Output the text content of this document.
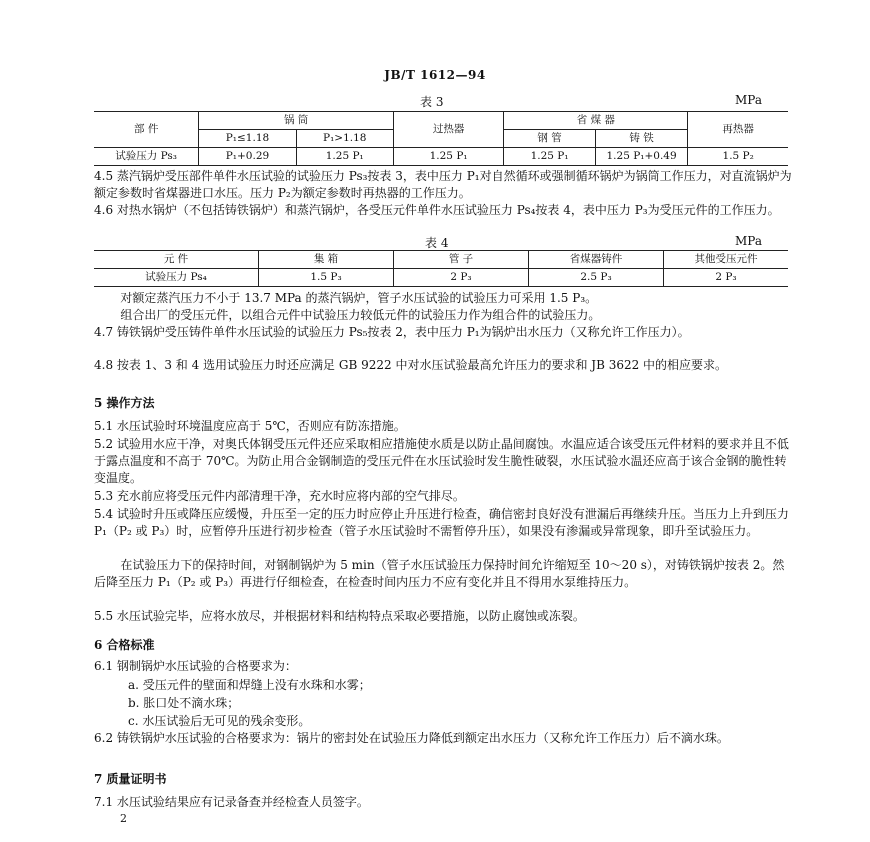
JB/T 1612—94
表 3	MPa
部 件	锅 筒		过热器	省 煤 器		再热器
	P₁≤1.18	P₁>1.18		钢 管	铸 铁	
试验压力 Ps₃	P₁+0.29	1.25 P₁	1.25 P₁	1.25 P₁	1.25 P₁+0.49	1.5 P₂
4.5 蒸汽锅炉受压部件单件水压试验的试验压力 Ps₃按表 3，表中压力 P₁对自然循环或强制循环锅炉为锅筒工作压力，对直流锅炉为额定参数时省煤器进口水压。压力 P₂为额定参数时再热器的工作压力。
4.6 对热水锅炉（不包括铸铁锅炉）和蒸汽锅炉，各受压元件单件水压试验压力 Ps₄按表 4，表中压力 P₃为受压元件的工作压力。
表 4	MPa
元 件	集 箱	管 子	省煤器铸件	其他受压元件
试验压力 Ps₄	1.5 P₃	2 P₃	2.5 P₃	2 P₃
对额定蒸汽压力不小于 13.7 MPa 的蒸汽锅炉，管子水压试验的试验压力可采用 1.5 P₃。
组合出厂的受压元件，以组合元件中试验压力较低元件的试验压力作为组合件的试验压力。
4.7 铸铁锅炉受压铸件单件水压试验的试验压力 Ps₅按表 2，表中压力 P₁为锅炉出水压力（又称允许工作压力）。
4.8 按表 1、3 和 4 选用试验压力时还应满足 GB 9222 中对水压试验最高允许压力的要求和 JB 3622 中的相应要求。
5 操作方法
5.1 水压试验时环境温度应高于 5℃，否则应有防冻措施。
5.2 试验用水应干净，对奥氏体钢受压元件还应采取相应措施使水质是以防止晶间腐蚀。水温应适合该受压元件材料的要求并且不低于露点温度和不高于 70℃。为防止用合金钢制造的受压元件在水压试验时发生脆性破裂，水压试验水温还应高于该合金钢的脆性转变温度。
5.3 充水前应将受压元件内部清理干净，充水时应将内部的空气排尽。
5.4 试验时升压或降压应缓慢，升压至一定的压力时应停止升压进行检查，确信密封良好没有泄漏后再继续升压。当压力上升到压力 P₁（P₂ 或 P₃）时，应暂停升压进行初步检查（管子水压试验时不需暂停升压），如果没有渗漏或异常现象，即升至试验压力。
在试验压力下的保持时间，对钢制锅炉为 5 min（管子水压试验压力保持时间允许缩短至 10～20 s），对铸铁锅炉按表 2。然后降至压力 P₁（P₂ 或 P₃）再进行仔细检查，在检查时间内压力不应有变化并且不得用水泵维持压力。
5.5 水压试验完毕，应将水放尽，并根据材料和结构特点采取必要措施，以防止腐蚀或冻裂。
6 合格标准
6.1 钢制锅炉水压试验的合格要求为：
a. 受压元件的壁面和焊缝上没有水珠和水雾；
b. 胀口处不滴水珠；
c. 水压试验后无可见的残余变形。
6.2 铸铁锅炉水压试验的合格要求为：锅片的密封处在试验压力降低到额定出水压力（又称允许工作压力）后不滴水珠。
7 质量证明书
7.1 水压试验结果应有记录备查并经检查人员签字。
2
